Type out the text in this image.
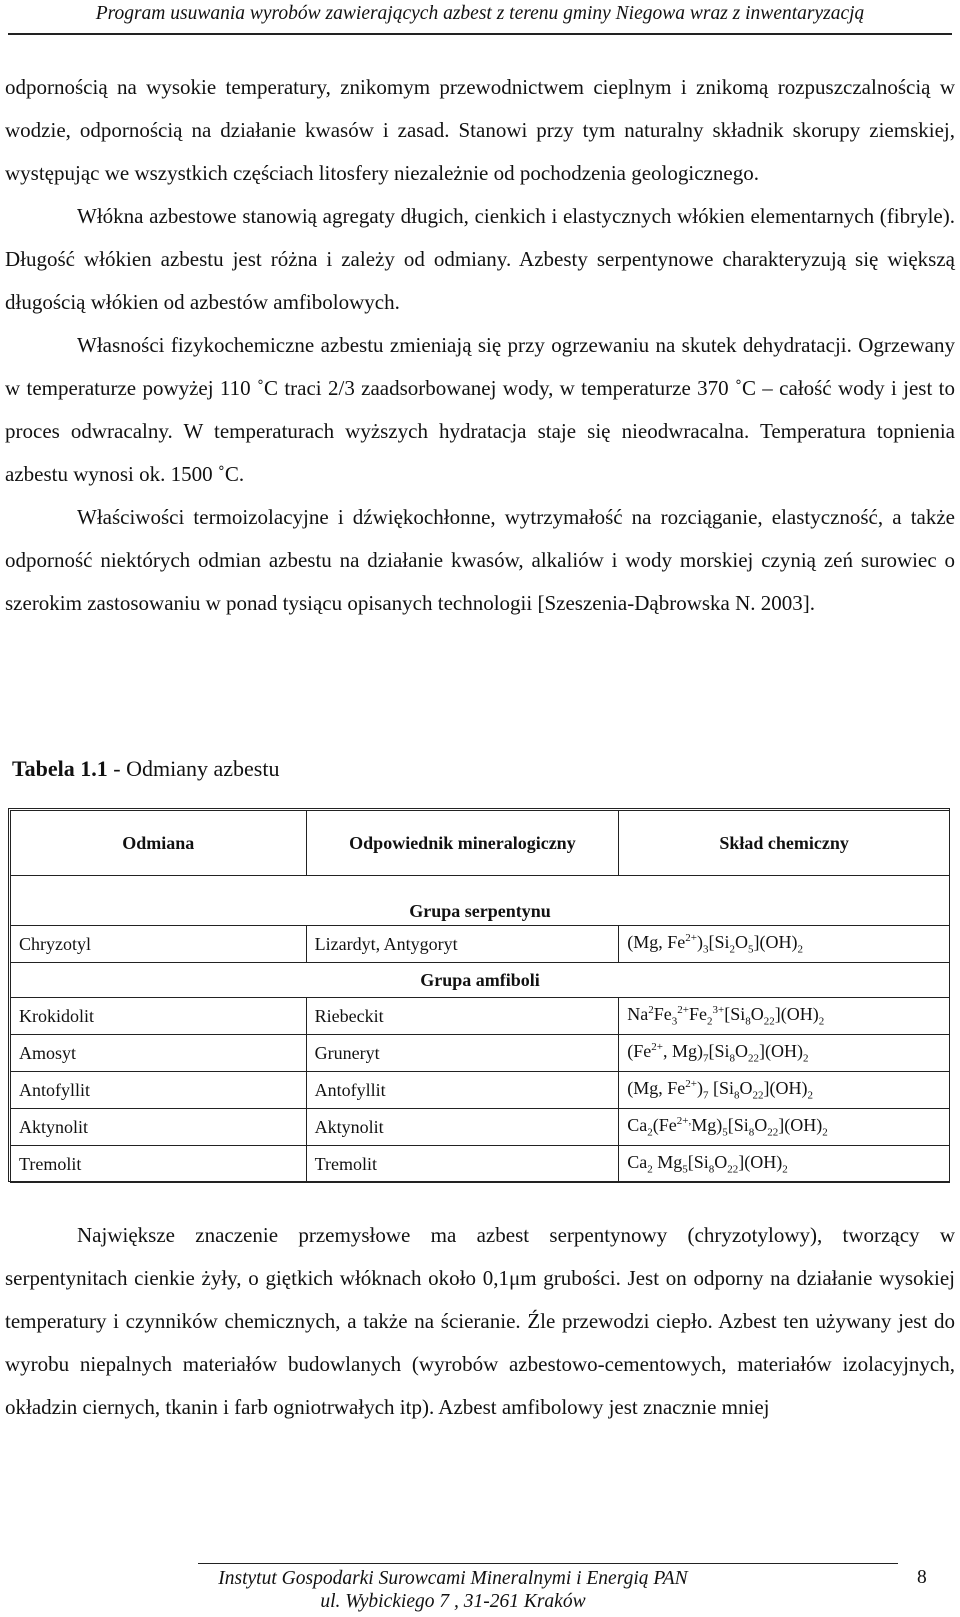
Program usuwania wyrobów zawierających azbest z terenu gminy Niegowa wraz z inwentaryzacją

odpornością na wysokie temperatury, znikomym przewodnictwem cieplnym i znikomą rozpuszczalnością w wodzie, odpornością na działanie kwasów i zasad. Stanowi przy tym naturalny składnik skorupy ziemskiej, występując we wszystkich częściach litosfery niezależnie od pochodzenia geologicznego.

Włókna azbestowe stanowią agregaty długich, cienkich i elastycznych włókien elementarnych (fibryle). Długość włókien azbestu jest różna i zależy od odmiany. Azbesty serpentynowe charakteryzują się większą długością włókien od azbestów amfibolowych.

Własności fizykochemiczne azbestu zmieniają się przy ogrzewaniu na skutek dehydratacji. Ogrzewany w temperaturze powyżej 110 ˚C traci 2/3 zaadsorbowanej wody, w temperaturze 370 ˚C – całość wody i jest to proces odwracalny. W temperaturach wyższych hydratacja staje się nieodwracalna. Temperatura topnienia azbestu wynosi ok. 1500 ˚C.

Właściwości termoizolacyjne i dźwiękochłonne, wytrzymałość na rozciąganie, elastyczność, a także odporność niektórych odmian azbestu na działanie kwasów, alkaliów i wody morskiej czynią zeń surowiec o szerokim zastosowaniu w ponad tysiącu opisanych technologii [Szeszenia-Dąbrowska N. 2003].

Tabela 1.1 - Odmiany azbestu
Odmiana	Odpowiednik mineralogiczny	Skład chemiczny
Grupa serpentynu		
Chryzotyl	Lizardyt, Antygoryt	(Mg, $Fe^{2+})_3[Si_2O_5](OH)_2$
Grupa amfiboli		
Krokidolit	Riebeckit	$Na^2Fe_3^{2+}Fe_2^{3+}[Si_8O_{22}](OH)_2$
Amosyt	Gruneryt	($Fe^{2+}$, $Mg)_7[Si_8O_{22}](OH)_2$
Antofyllit	Antofyllit	(Mg, $Fe^{2+})_7$ $[Si_8O_{22}](OH)_2$
Aktynolit	Aktynolit	$Ca_2(Fe^{2+,}Mg)_5[Si_8O_{22}](OH)_2$
Tremolit	Tremolit	$Ca_2$ $Mg_5[Si_8O_{22}](OH)_2$

Największe znaczenie przemysłowe ma azbest serpentynowy (chryzotylowy), tworzący w serpentynitach cienkie żyły, o giętkich włóknach około 0,1μm grubości. Jest on odporny na działanie wysokiej temperatury i czynników chemicznych, a także na ścieranie. Źle przewodzi ciepło. Azbest ten używany jest do wyrobu niepalnych materiałów budowlanych (wyrobów azbestowo-cementowych, materiałów izolacyjnych, okładzin ciernych, tkanin i farb ogniotrwałych itp). Azbest amfibolowy jest znacznie mniej

Instytut Gospodarki Surowcami Mineralnymi i Energią PAN
ul. Wybickiego 7 , 31-261 Kraków
8
